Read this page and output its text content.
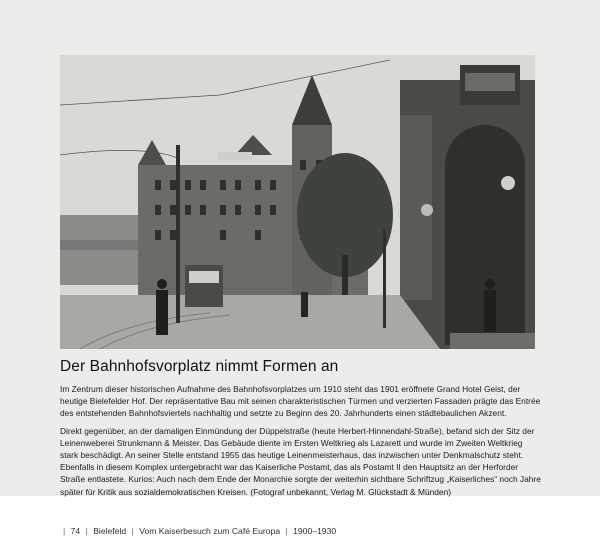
Der Bahnhofsvorplatz nimmt Formen an

Im Zentrum dieser historischen Aufnahme des Bahnhofsvorplatzes um 1910 steht das 1901 eröffnete Grand Hotel Geist, der heutige Bielefelder Hof. Der repräsentative Bau mit seinen charakteristischen Türmen und verzierten Fassaden prägte das Entrée des entstehenden Bahnhofsviertels nachhaltig und setzte zu Beginn des 20. Jahrhunderts einen städtebaulichen Akzent.

Direkt gegenüber, an der damaligen Einmündung der Düppelstraße (heute Herbert-Hinnendahl-Straße), befand sich der Sitz der Leinenweberei Strunkmann & Meister. Das Gebäude diente im Ersten Weltkrieg als Lazarett und wurde im Zweiten Weltkrieg stark beschädigt. An seiner Stelle entstand 1955 das heutige Leinenmeisterhaus, das inzwischen unter Denkmalschutz steht. Ebenfalls in diesem Komplex untergebracht war das Kaiserliche Postamt, das als Postamt II den Hauptsitz an der Herforder Straße entlastete. Kurios: Auch nach dem Ende der Monarchie sorgte der weiterhin sichtbare Schriftzug „Kaiserliches“ noch Jahre später für Kritik aus sozialdemokratischen Kreisen. (Fotograf unbekannt, Verlag M. Glückstadt & Münden)

| 74 | Bielefeld | Vom Kaiserbesuch zum Café Europa | 1900–1930
